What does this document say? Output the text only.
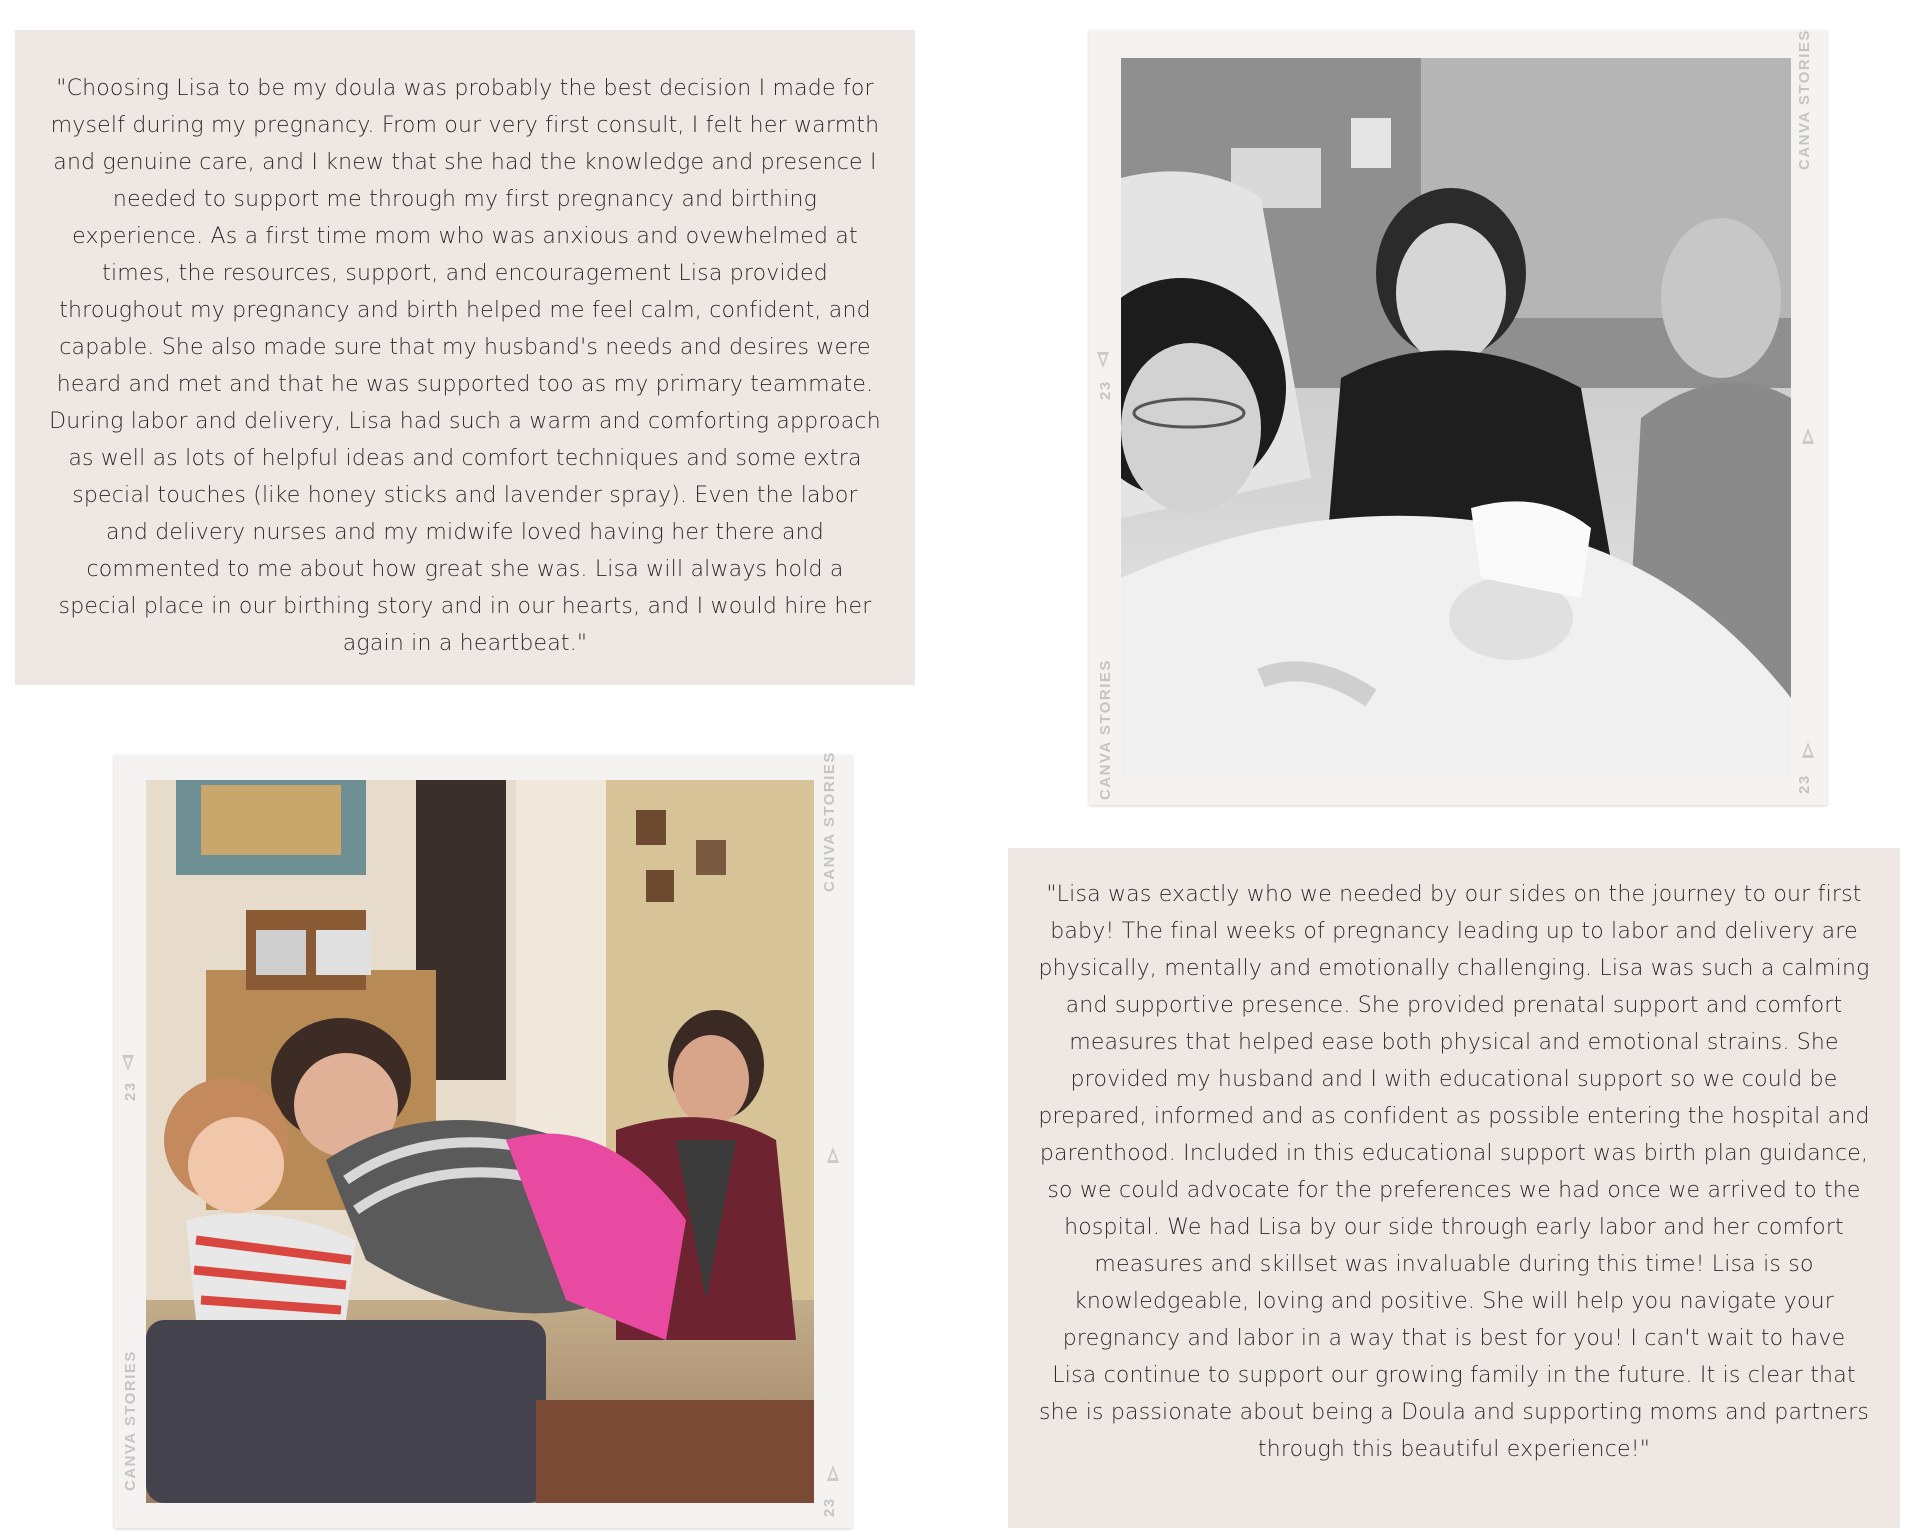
"Choosing Lisa to be my doula was probably the best decision I made for myself during my pregnancy. From our very first consult, I felt her warmth and genuine care, and I knew that she had the knowledge and presence I needed to support me through my first pregnancy and birthing experience. As a first time mom who was anxious and ovewhelmed at times, the resources, support, and encouragement Lisa provided throughout my pregnancy and birth helped me feel calm, confident, and capable. She also made sure that my husband's needs and desires were heard and met and that he was supported too as my primary teammate. During labor and delivery, Lisa had such a warm and comforting approach as well as lots of helpful ideas and comfort techniques and some extra special touches (like honey sticks and lavender spray). Even the labor and delivery nurses and my midwife loved having her there and commented to me about how great she was. Lisa will always hold a special place in our birthing story and in our hearts, and I would hire her again in a heartbeat."
CANVA STORIES
23
CANVA STORIES
23
CANVA STORIES
23
CANVA STORIES
23
"Lisa was exactly who we needed by our sides on the journey to our first baby! The final weeks of pregnancy leading up to labor and delivery are physically, mentally and emotionally challenging. Lisa was such a calming and supportive presence. She provided prenatal support and comfort measures that helped ease both physical and emotional strains. She provided my husband and I with educational support so we could be prepared, informed and as confident as possible entering the hospital and parenthood. Included in this educational support was birth plan guidance, so we could advocate for the preferences we had once we arrived to the hospital. We had Lisa by our side through early labor and her comfort measures and skillset was invaluable during this time! Lisa is so knowledgeable, loving and positive. She will help you navigate your pregnancy and labor in a way that is best for you! I can't wait to have Lisa continue to support our growing family in the future. It is clear that she is passionate about being a Doula and supporting moms and partners through this beautiful experience!"
